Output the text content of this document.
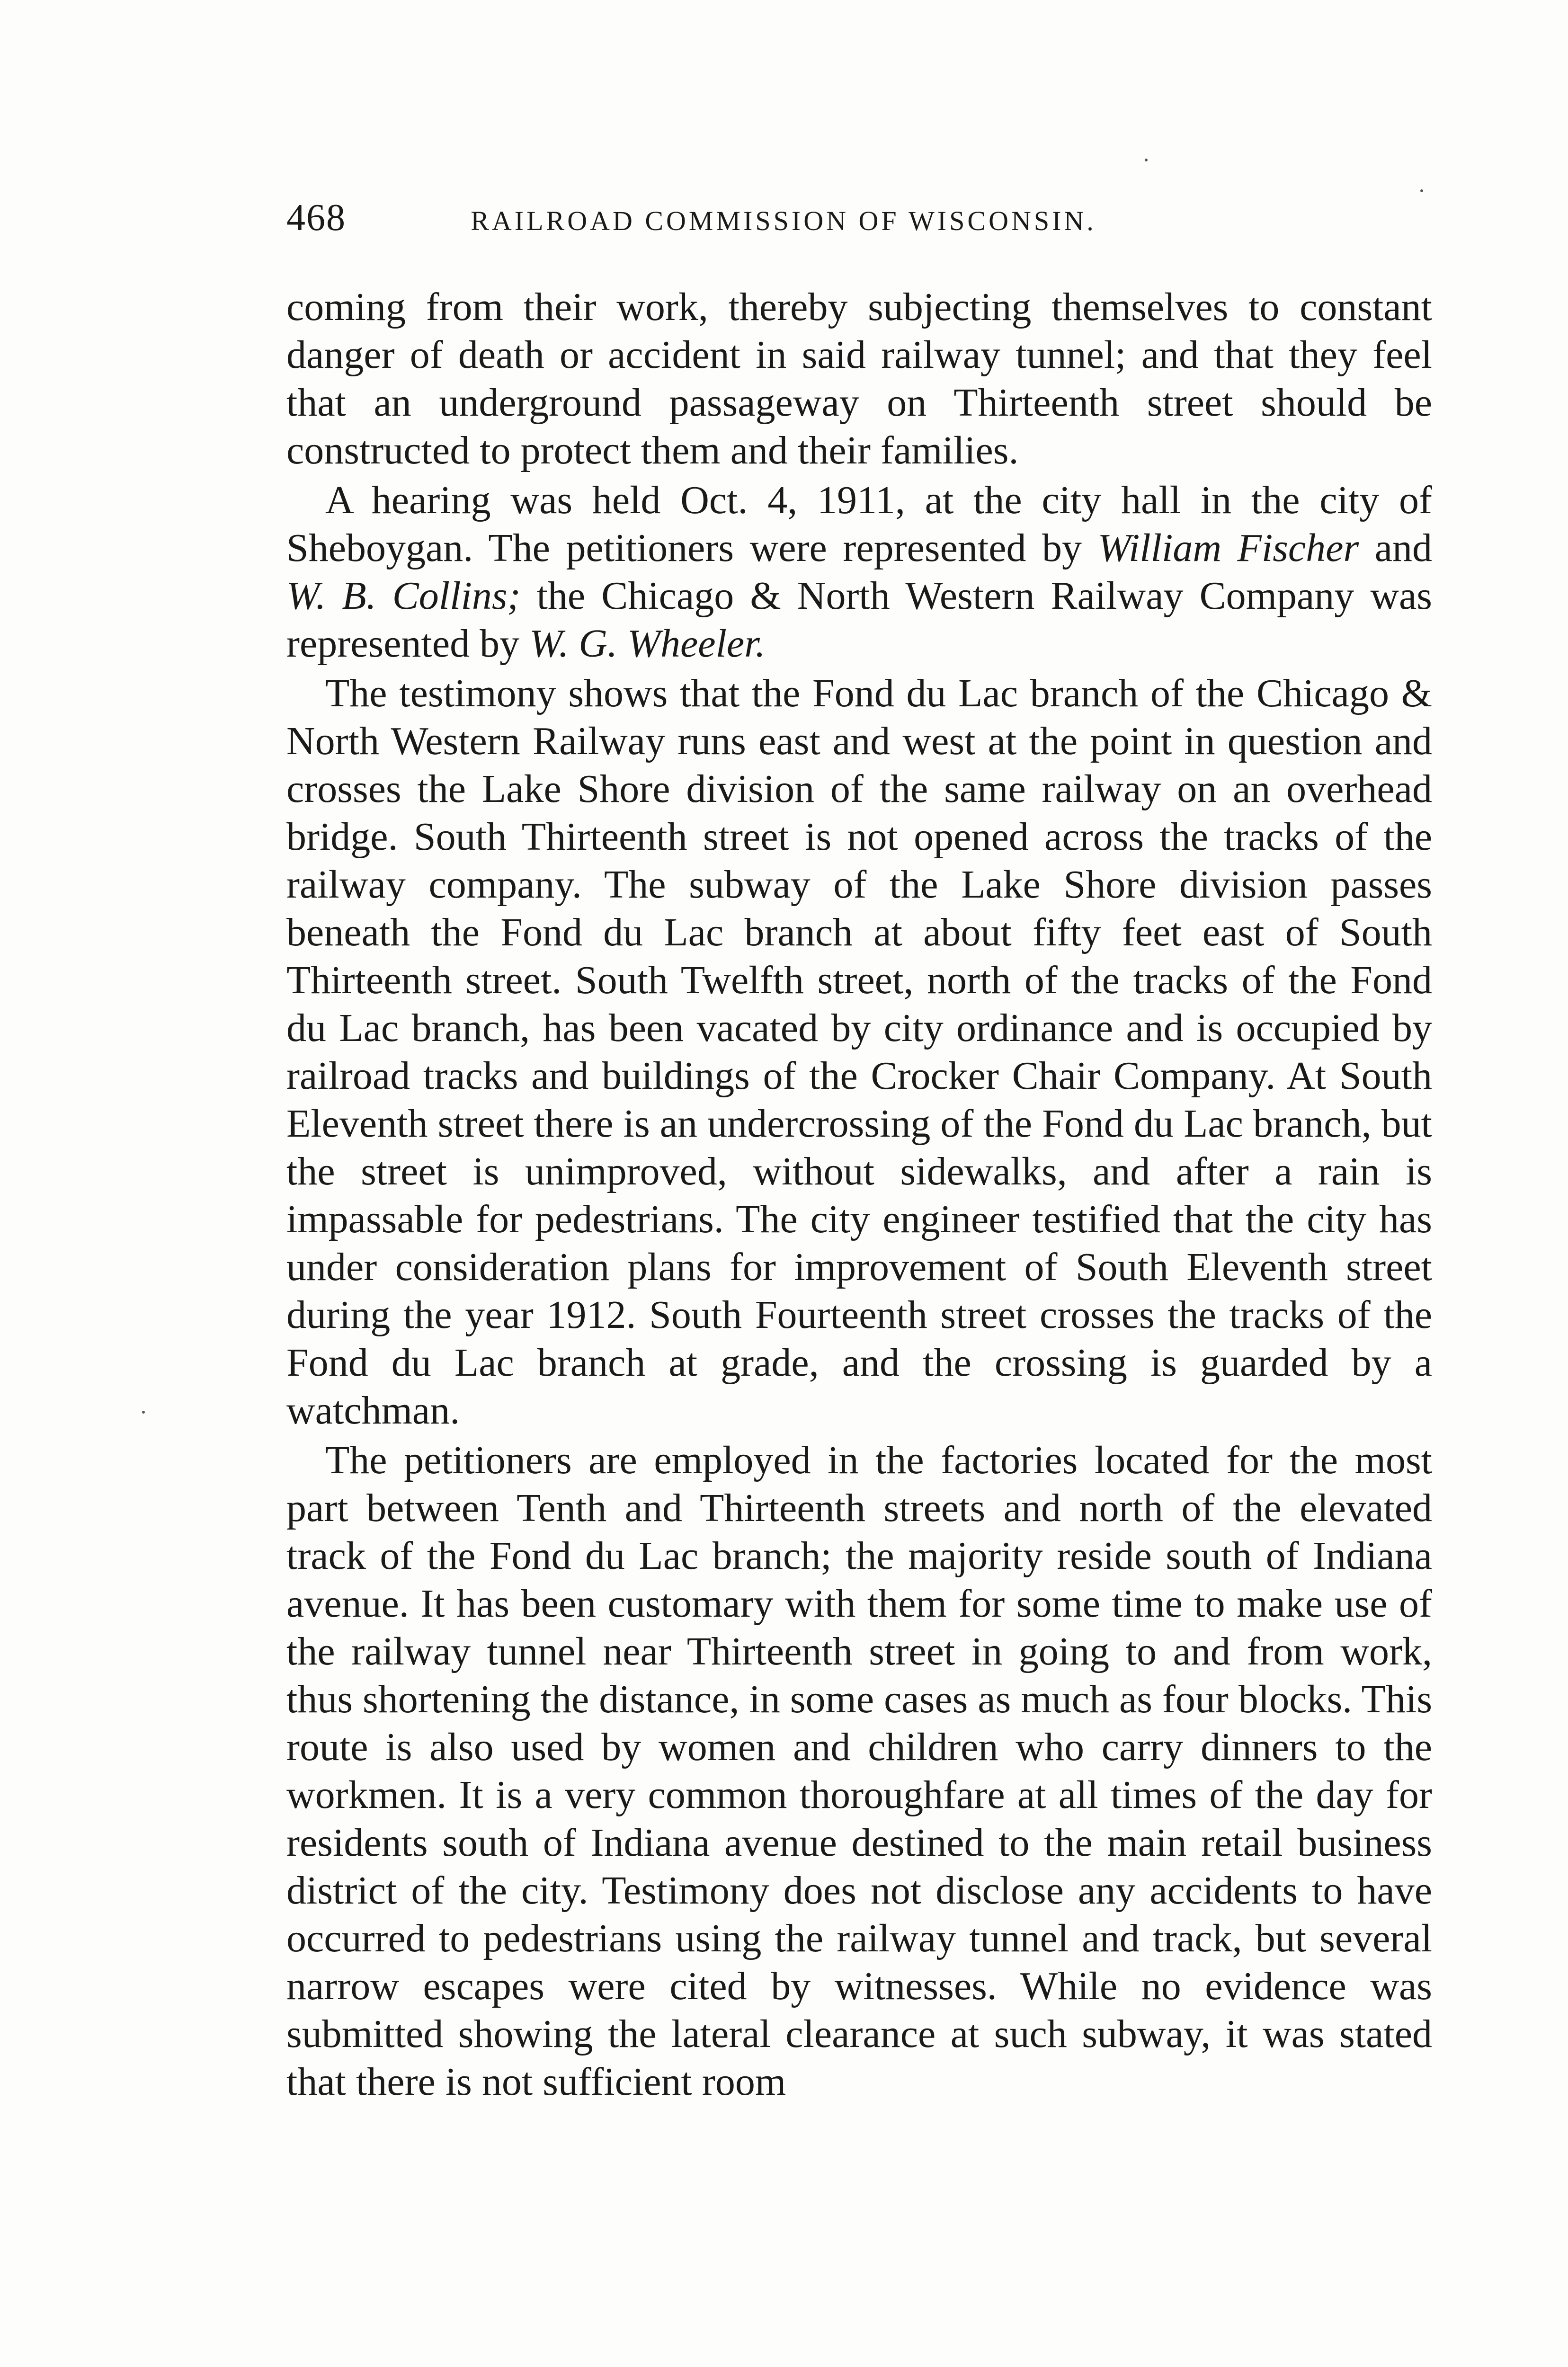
468	RAILROAD COMMISSION OF WISCONSIN.

coming from their work, thereby subjecting themselves to constant danger of death or accident in said railway tunnel; and that they feel that an underground passageway on Thirteenth street should be constructed to protect them and their families.

A hearing was held Oct. 4, 1911, at the city hall in the city of Sheboygan. The petitioners were represented by William Fischer and W. B. Collins; the Chicago & North Western Railway Company was represented by W. G. Wheeler.

The testimony shows that the Fond du Lac branch of the Chicago & North Western Railway runs east and west at the point in question and crosses the Lake Shore division of the same railway on an overhead bridge. South Thirteenth street is not opened across the tracks of the railway company. The subway of the Lake Shore division passes beneath the Fond du Lac branch at about fifty feet east of South Thirteenth street. South Twelfth street, north of the tracks of the Fond du Lac branch, has been vacated by city ordinance and is occupied by railroad tracks and buildings of the Crocker Chair Company. At South Eleventh street there is an undercrossing of the Fond du Lac branch, but the street is unimproved, without sidewalks, and after a rain is impassable for pedestrians. The city engineer testified that the city has under consideration plans for improvement of South Eleventh street during the year 1912. South Fourteenth street crosses the tracks of the Fond du Lac branch at grade, and the crossing is guarded by a watchman.

The petitioners are employed in the factories located for the most part between Tenth and Thirteenth streets and north of the elevated track of the Fond du Lac branch; the majority reside south of Indiana avenue. It has been customary with them for some time to make use of the railway tunnel near Thirteenth street in going to and from work, thus shortening the distance, in some cases as much as four blocks. This route is also used by women and children who carry dinners to the workmen. It is a very common thoroughfare at all times of the day for residents south of Indiana avenue destined to the main retail business district of the city. Testimony does not disclose any accidents to have occurred to pedestrians using the railway tunnel and track, but several narrow escapes were cited by witnesses. While no evidence was submitted showing the lateral clearance at such subway, it was stated that there is not sufficient room
